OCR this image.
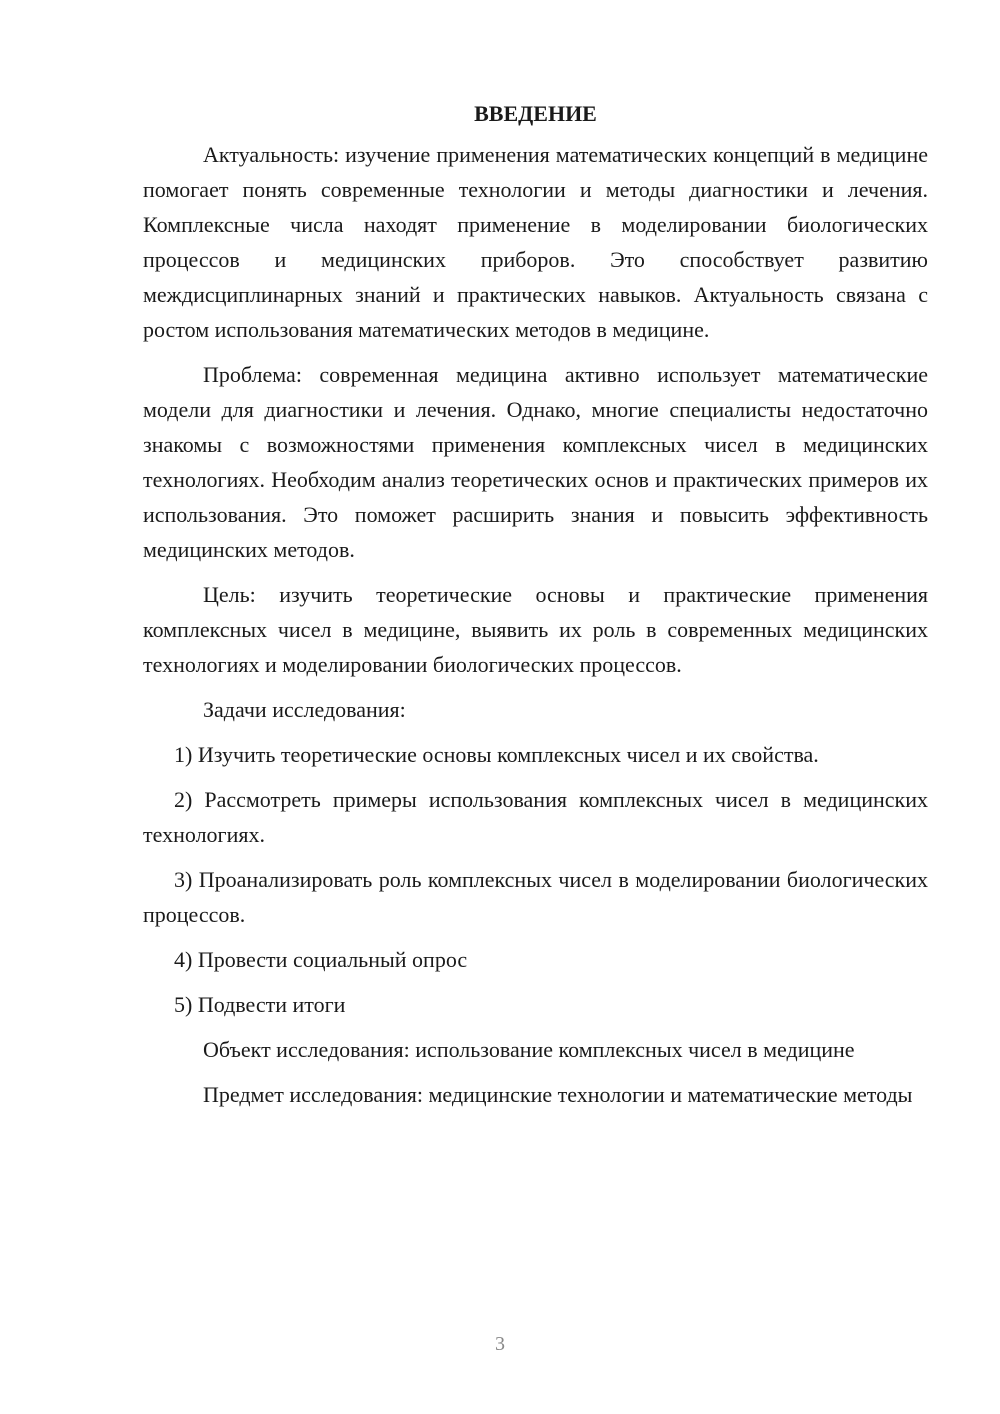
ВВЕДЕНИЕ

Актуальность: изучение применения математических концепций в медицине помогает понять современные технологии и методы диагностики и лечения. Комплексные числа находят применение в моделировании биологических процессов и медицинских приборов. Это способствует развитию междисциплинарных знаний и практических навыков. Актуальность связана с ростом использования математических методов в медицине.

Проблема: современная медицина активно использует математические модели для диагностики и лечения. Однако, многие специалисты недостаточно знакомы с возможностями применения комплексных чисел в медицинских технологиях. Необходим анализ теоретических основ и практических примеров их использования. Это поможет расширить знания и повысить эффективность медицинских методов.

Цель: изучить теоретические основы и практические применения комплексных чисел в медицине, выявить их роль в современных медицинских технологиях и моделировании биологических процессов.

Задачи исследования:

1) Изучить теоретические основы комплексных чисел и их свойства.

2) Рассмотреть примеры использования комплексных чисел в медицинских технологиях.

3) Проанализировать роль комплексных чисел в моделировании биологических процессов.

4) Провести социальный опрос

5) Подвести итоги

Объект исследования: использование комплексных чисел в медицине

Предмет исследования: медицинские технологии и математические методы

3
